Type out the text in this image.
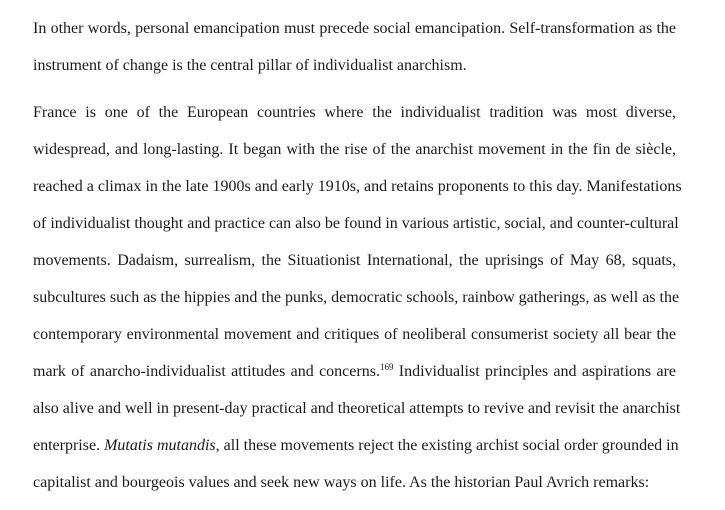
In other words, personal emancipation must precede social emancipation. Self-transformation as the
instrument of change is the central pillar of individualist anarchism.
France is one of the European countries where the individualist tradition was most diverse,
widespread, and long-lasting. It began with the rise of the anarchist movement in the fin de siècle,
reached a climax in the late 1900s and early 1910s, and retains proponents to this day. Manifestations
of individualist thought and practice can also be found in various artistic, social, and counter-cultural
movements. Dadaism, surrealism, the Situationist International, the uprisings of May 68, squats,
subcultures such as the hippies and the punks, democratic schools, rainbow gatherings, as well as the
contemporary environmental movement and critiques of neoliberal consumerist society all bear the
mark of anarcho-individualist attitudes and concerns.$^{169}$ Individualist principles and aspirations are
also alive and well in present-day practical and theoretical attempts to revive and revisit the anarchist
enterprise. Mutatis mutandis, all these movements reject the existing archist social order grounded in
capitalist and bourgeois values and seek new ways on life. As the historian Paul Avrich remarks:
